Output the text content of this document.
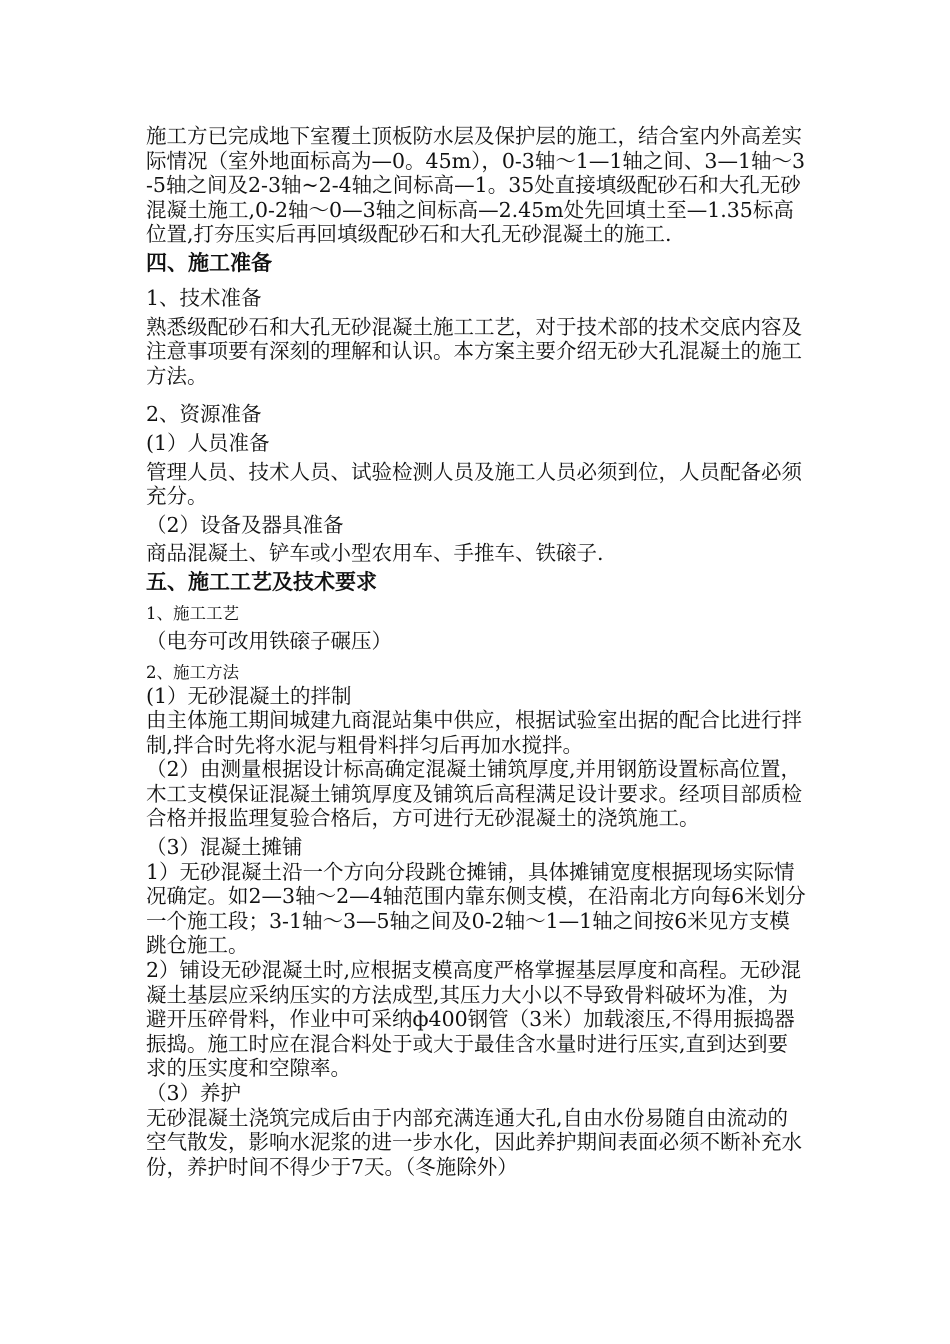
施工方已完成地下室覆土顶板防水层及保护层的施工，结合室内外高差实际情况（室外地面标高为—0。45m），0-3轴～1—1轴之间、3—1轴～3-5轴之间及2-3轴~2-4轴之间标高—1。35处直接填级配砂石和大孔无砂混凝土施工,0-2轴～0—3轴之间标高—2.45m处先回填土至—1.35标高位置,打夯压实后再回填级配砂石和大孔无砂混凝土的施工.

四、施工准备

1、技术准备

熟悉级配砂石和大孔无砂混凝土施工工艺，对于技术部的技术交底内容及注意事项要有深刻的理解和认识。本方案主要介绍无砂大孔混凝土的施工方法。

2、资源准备

(1）人员准备

管理人员、技术人员、试验检测人员及施工人员必须到位，人员配备必须充分。

（2）设备及器具准备

商品混凝土、铲车或小型农用车、手推车、铁磙子.

五、施工工艺及技术要求

1、施工工艺

（电夯可改用铁磙子碾压）

2、施工方法

(1）无砂混凝土的拌制

由主体施工期间城建九商混站集中供应，根据试验室出据的配合比进行拌制,拌合时先将水泥与粗骨料拌匀后再加水搅拌。

（2）由测量根据设计标高确定混凝土铺筑厚度,并用钢筋设置标高位置，木工支模保证混凝土铺筑厚度及铺筑后高程满足设计要求。经项目部质检合格并报监理复验合格后，方可进行无砂混凝土的浇筑施工。

（3）混凝土摊铺

1）无砂混凝土沿一个方向分段跳仓摊铺，具体摊铺宽度根据现场实际情况确定。如2—3轴～2—4轴范围内靠东侧支模，在沿南北方向每6米划分一个施工段；3-1轴～3—5轴之间及0-2轴～1—1轴之间按6米见方支模跳仓施工。

2）铺设无砂混凝土时,应根据支模高度严格掌握基层厚度和高程。无砂混凝土基层应采纳压实的方法成型,其压力大小以不导致骨料破坏为准，为避开压碎骨料，作业中可采纳ф400钢管（3米）加载滚压,不得用振捣器振捣。施工时应在混合料处于或大于最佳含水量时进行压实,直到达到要求的压实度和空隙率。

（3）养护

无砂混凝土浇筑完成后由于内部充满连通大孔,自由水份易随自由流动的空气散发，影响水泥浆的进一步水化，因此养护期间表面必须不断补充水份，养护时间不得少于7天。（冬施除外）
